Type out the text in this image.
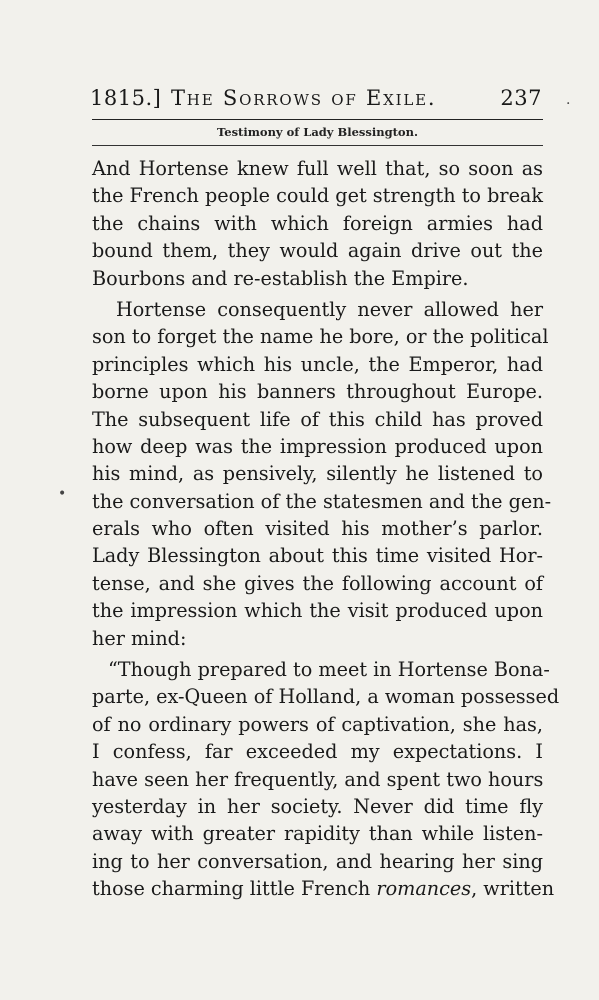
1815.] The Sorrows of Exile.	237
Testimony of Lady Blessington.
And Hortense knew full well that, so soon as
the French people could get strength to break
the chains with which foreign armies had
bound them, they would again drive out the
Bourbons and re-establish the Empire.
Hortense consequently never allowed her
son to forget the name he bore, or the political
principles which his uncle, the Emperor, had
borne upon his banners throughout Europe.
The subsequent life of this child has proved
how deep was the impression produced upon
his mind, as pensively, silently he listened to
the conversation of the statesmen and the gen-
erals who often visited his mother’s parlor.
Lady Blessington about this time visited Hor-
tense, and she gives the following account of
the impression which the visit produced upon
her mind:
“Though prepared to meet in Hortense Bona-
parte, ex-Queen of Holland, a woman possessed
of no ordinary powers of captivation, she has,
I confess, far exceeded my expectations. I
have seen her frequently, and spent two hours
yesterday in her society. Never did time fly
away with greater rapidity than while listen-
ing to her conversation, and hearing her sing
those charming little French romances, written
·
•
